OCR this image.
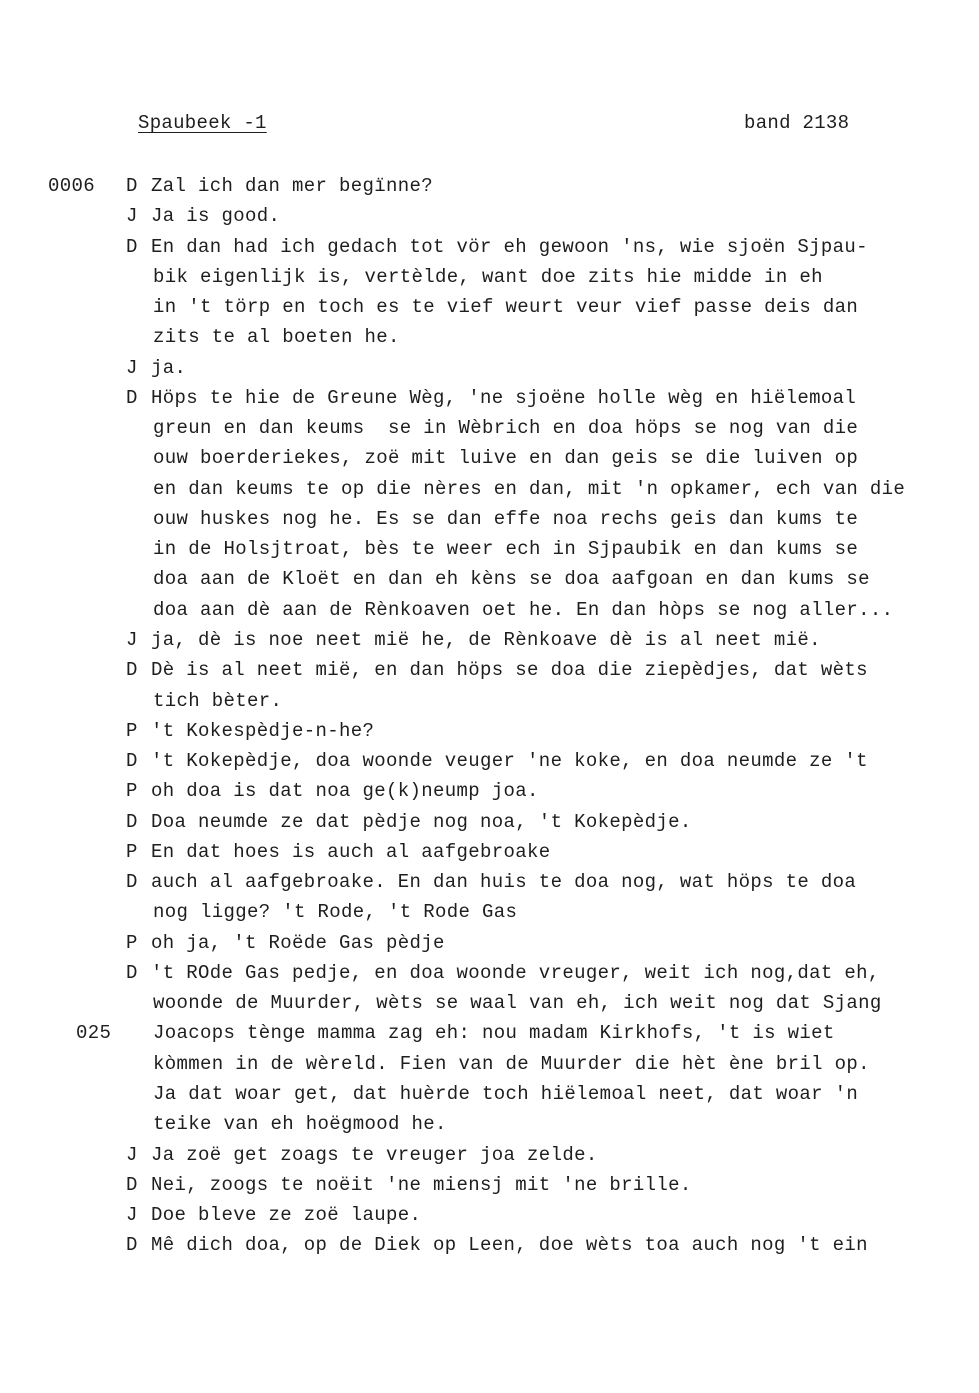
Spaubeek -1	band 2138
0006 D Zal ich dan mer begïnne?
J Ja is good.
D En dan had ich gedach tot vör eh gewoon 'ns, wie sjoën Sjpau-
bik eigenlijk is, vertèlde, want doe zits hie midde in eh
in 't törp en toch es te vief weurt veur vief passe deis dan
zits te al boeten he.
J ja.
D Höps te hie de Greune Wèg, 'ne sjoëne holle wèg en hiëlemoal
greun en dan keums  se in Wèbrich en doa höps se nog van die
ouw boerderiekes, zoë mit luive en dan geis se die luiven op
en dan keums te op die nères en dan, mit 'n opkamer, ech van die
ouw huskes nog he. Es se dan effe noa rechs geis dan kums te
in de Holsjtroat, bès te weer ech in Sjpaubik en dan kums se
doa aan de Kloët en dan eh kèns se doa aafgoan en dan kums se
doa aan dè aan de Rènkoaven oet he. En dan hòps se nog aller...
J ja, dè is noe neet mië he, de Rènkoave dè is al neet mië.
D Dè is al neet mië, en dan höps se doa die ziepèdjes, dat wèts
tich bèter.
P 't Kokespèdje-n-he?
D 't Kokepèdje, doa woonde veuger 'ne koke, en doa neumde ze 't
P oh doa is dat noa ge(k)neump joa.
D Doa neumde ze dat pèdje nog noa, 't Kokepèdje.
P En dat hoes is auch al aafgebroake
D auch al aafgebroake. En dan huis te doa nog, wat höps te doa
nog ligge? 't Rode, 't Rode Gas
P oh ja, 't Roëde Gas pèdje
D 't ROde Gas pedje, en doa woonde vreuger, weit ich nog,dat eh,
woonde de Muurder, wèts se waal van eh, ich weit nog dat Sjang
025 Joacops tènge mamma zag eh: nou madam Kirkhofs, 't is wiet
kòmmen in de wèreld. Fien van de Muurder die hèt ène bril op.
Ja dat woar get, dat huèrde toch hiëlemoal neet, dat woar 'n
teike van eh hoëgmood he.
J Ja zoë get zoags te vreuger joa zelde.
D Nei, zoogs te noëit 'ne miensj mit 'ne brille.
J Doe bleve ze zoë laupe.
D Mê dich doa, op de Diek op Leen, doe wèts toa auch nog 't ein
